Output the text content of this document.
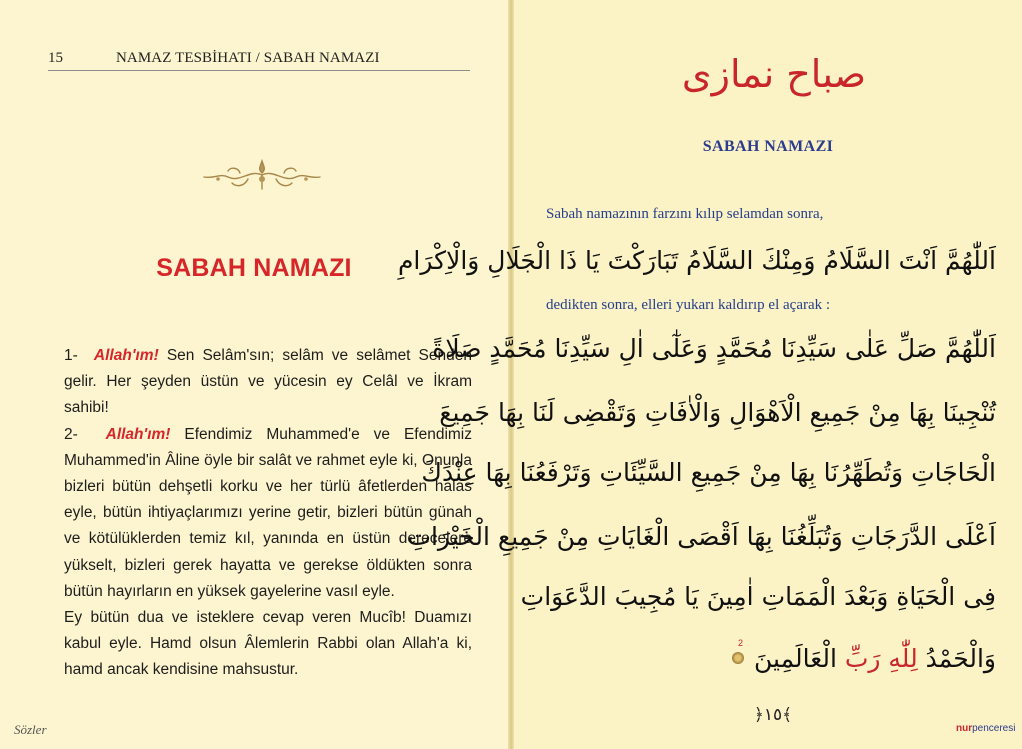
15	NAMAZ TESBİHATI / SABAH NAMAZI
SABAH NAMAZI

1- Allah'ım! Sen Selâm'sın; selâm ve selâmet Senden gelir. Her şeyden üstün ve yücesin ey Celâl ve İkram sahibi!

2- Allah'ım! Efendimiz Muhammed'e ve Efendimiz Muhammed'in Âline öyle bir salât ve rahmet eyle ki, Onunla bizleri bütün dehşetli korku ve her türlü âfetlerden halas eyle, bütün ihtiyaçlarımızı yerine getir, bizleri bütün günah ve kötülüklerden temiz kıl, yanında en üstün derecelere yükselt, bizleri gerek hayatta ve gerekse öldükten sonra bütün hayırların en yüksek gayelerine vasıl eyle.

Ey bütün dua ve isteklere cevap veren Mucîb! Duamızı kabul eyle. Hamd olsun Âlemlerin Rabbi olan Allah'a ki, hamd ancak kendisine mahsustur.

Sözler
صباح نمازى
SABAH NAMAZI
Sabah namazının farzını kılıp selamdan sonra,
اَللّٰهُمَّ اَنْتَ السَّلَامُ وَمِنْكَ السَّلَامُ تَبَارَكْتَ يَا ذَا الْجَلَالِ وَالْاِكْرَامِ
dedikten sonra, elleri yukarı kaldırıp el açarak :
اَللّٰهُمَّ صَلِّ عَلٰى سَيِّدِنَا مُحَمَّدٍ وَعَلٰٓى اٰلِ سَيِّدِنَا مُحَمَّدٍ صَلَاةً
تُنْجِينَا بِهَا مِنْ جَمِيعِ الْاَهْوَالِ وَالْاٰفَاتِ وَتَقْضِى لَنَا بِهَا جَمِيعَ
الْحَاجَاتِ وَتُطَهِّرُنَا بِهَا مِنْ جَمِيعِ السَّيِّئَاتِ وَتَرْفَعُنَا بِهَا عِنْدَكَ
اَعْلَى الدَّرَجَاتِ وَتُبَلِّغُنَا بِهَا اَقْصَى الْغَايَاتِ مِنْ جَمِيعِ الْخَيْرَاتِ
فِى الْحَيَاةِ وَبَعْدَ الْمَمَاتِ اٰمِينَ يَا مُجِيبَ الدَّعَوَاتِ
وَالْحَمْدُ لِلّٰهِ رَبِّ الْعَالَمِينَ
2
﴿١٥﴾
nurpenceresi
